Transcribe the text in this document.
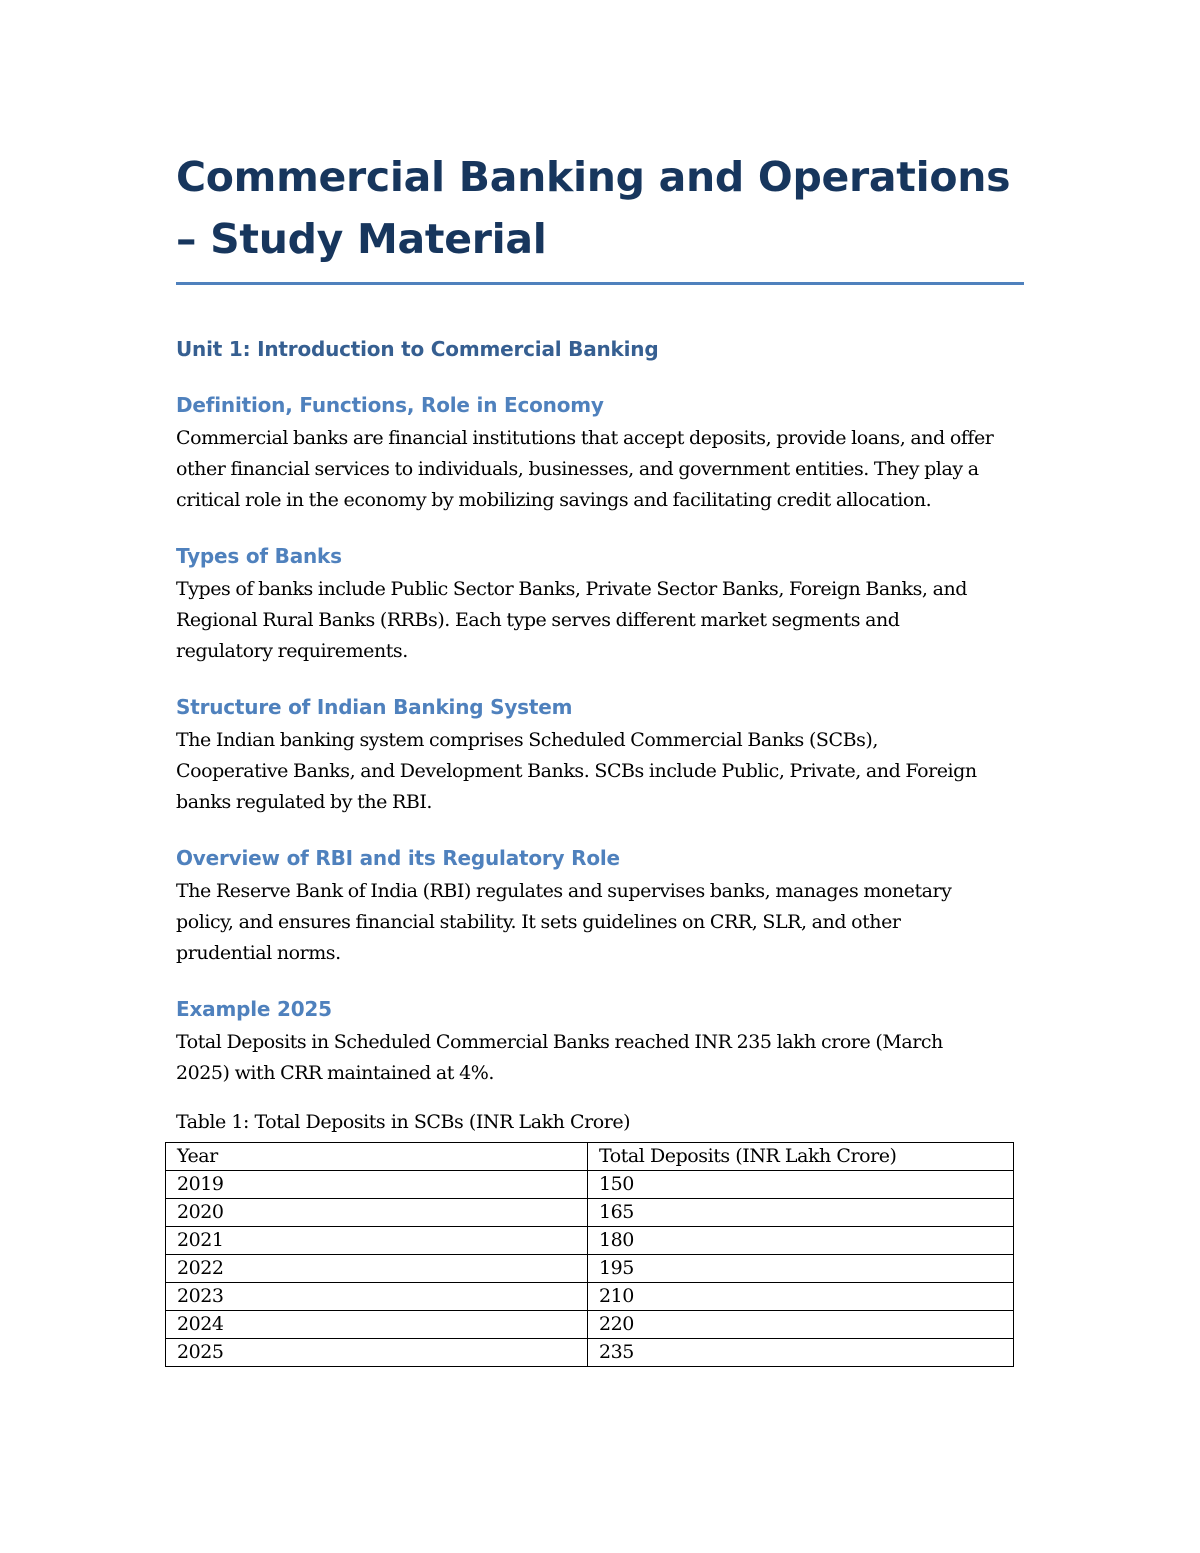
Commercial Banking and Operations – Study Material
Unit 1: Introduction to Commercial Banking
Definition, Functions, Role in Economy

Commercial banks are financial institutions that accept deposits, provide loans, and offer
other financial services to individuals, businesses, and government entities. They play a
critical role in the economy by mobilizing savings and facilitating credit allocation.

Types of Banks

Types of banks include Public Sector Banks, Private Sector Banks, Foreign Banks, and
Regional Rural Banks (RRBs). Each type serves different market segments and
regulatory requirements.

Structure of Indian Banking System

The Indian banking system comprises Scheduled Commercial Banks (SCBs),
Cooperative Banks, and Development Banks. SCBs include Public, Private, and Foreign
banks regulated by the RBI.

Overview of RBI and its Regulatory Role

The Reserve Bank of India (RBI) regulates and supervises banks, manages monetary
policy, and ensures financial stability. It sets guidelines on CRR, SLR, and other
prudential norms.

Example 2025

Total Deposits in Scheduled Commercial Banks reached INR 235 lakh crore (March
2025) with CRR maintained at 4%.

Table 1: Total Deposits in SCBs (INR Lakh Crore)

Year	Total Deposits (INR Lakh Crore)
2019	150
2020	165
2021	180
2022	195
2023	210
2024	220
2025	235
